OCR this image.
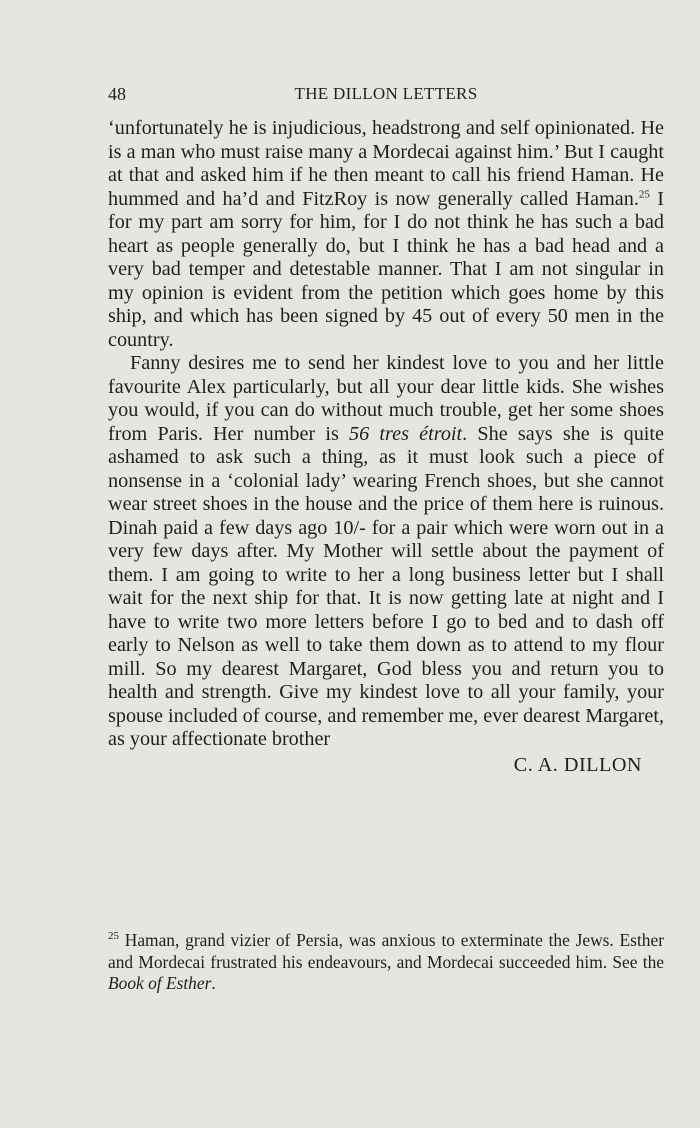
48	THE DILLON LETTERS

‘unfortunately he is injudicious, headstrong and self opinionated. He is a man who must raise many a Mordecai against him.’ But I caught at that and asked him if he then meant to call his friend Haman. He hummed and ha’d and FitzRoy is now generally called Haman.$^{25}$ I for my part am sorry for him, for I do not think he has such a bad heart as people generally do, but I think he has a bad head and a very bad temper and detestable manner. That I am not singular in my opinion is evident from the petition which goes home by this ship, and which has been signed by 45 out of every 50 men in the country.

Fanny desires me to send her kindest love to you and her little favourite Alex particularly, but all your dear little kids. She wishes you would, if you can do without much trouble, get her some shoes from Paris. Her number is 56 tres étroit. She says she is quite ashamed to ask such a thing, as it must look such a piece of nonsense in a ‘colonial lady’ wearing French shoes, but she cannot wear street shoes in the house and the price of them here is ruinous. Dinah paid a few days ago 10/- for a pair which were worn out in a very few days after. My Mother will settle about the payment of them. I am going to write to her a long business letter but I shall wait for the next ship for that. It is now getting late at night and I have to write two more letters before I go to bed and to dash off early to Nelson as well to take them down as to attend to my flour mill. So my dearest Margaret, God bless you and return you to health and strength. Give my kindest love to all your family, your spouse included of course, and remember me, ever dearest Margaret, as your affectionate brother

C. A. DILLON
$^{25}$ Haman, grand vizier of Persia, was anxious to exterminate the Jews. Esther and Mordecai frustrated his endeavours, and Mordecai succeeded him. See the Book of Esther.
